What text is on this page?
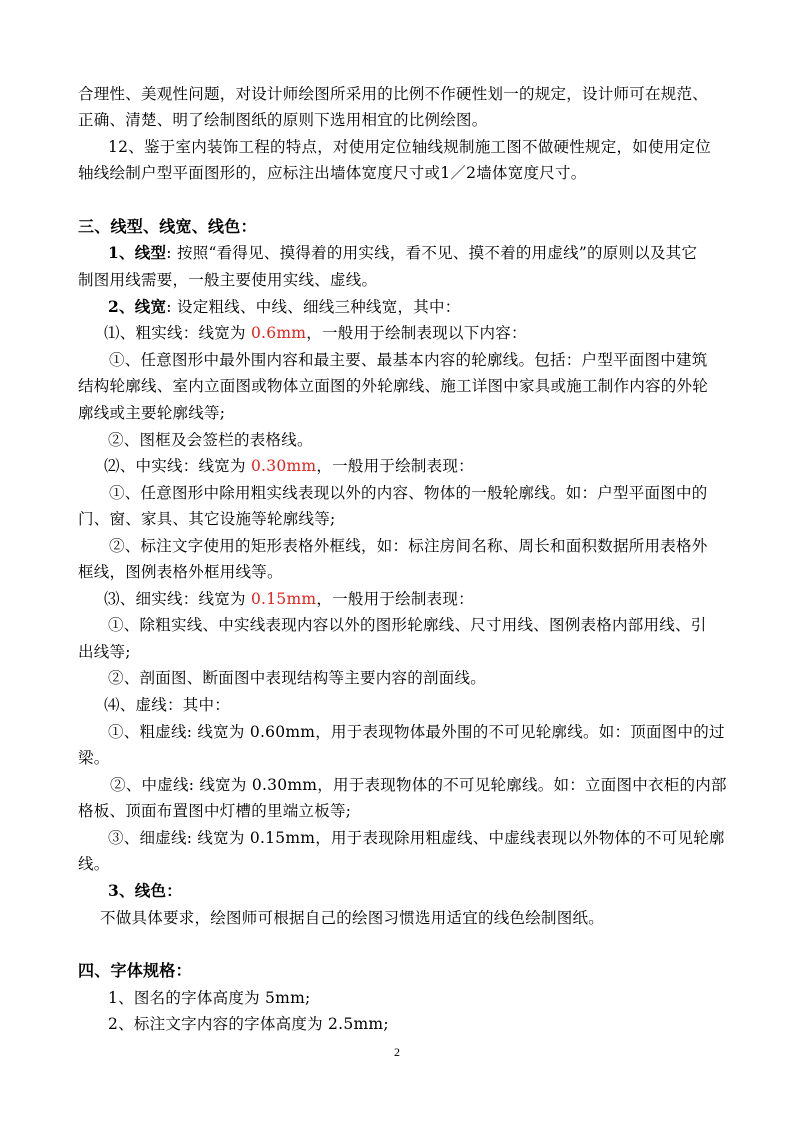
合理性、美观性问题，对设计师绘图所采用的比例不作硬性划一的规定，设计师可在规范、
正确、清楚、明了绘制图纸的原则下选用相宜的比例绘图。
12、鉴于室内装饰工程的特点，对使用定位轴线规制施工图不做硬性规定，如使用定位
轴线绘制户型平面图形的，应标注出墙体宽度尺寸或1／2墙体宽度尺寸。
三、线型、线宽、线色：
1、线型: 按照“看得见、摸得着的用实线，看不见、摸不着的用虚线”的原则以及其它
制图用线需要，一般主要使用实线、虚线。
2、线宽: 设定粗线、中线、细线三种线宽，其中：
⑴、粗实线：线宽为 0.6mm，一般用于绘制表现以下内容：
①、任意图形中最外围内容和最主要、最基本内容的轮廓线。包括：户型平面图中建筑
结构轮廓线、室内立面图或物体立面图的外轮廓线、施工详图中家具或施工制作内容的外轮
廓线或主要轮廓线等;
②、图框及会签栏的表格线。
⑵、中实线：线宽为 0.30mm，一般用于绘制表现：
①、任意图形中除用粗实线表现以外的内容、物体的一般轮廓线。如：户型平面图中的
门、窗、家具、其它设施等轮廓线等;
②、标注文字使用的矩形表格外框线，如：标注房间名称、周长和面积数据所用表格外
框线，图例表格外框用线等。
⑶、细实线：线宽为 0.15mm，一般用于绘制表现：
①、除粗实线、中实线表现内容以外的图形轮廓线、尺寸用线、图例表格内部用线、引
出线等;
②、剖面图、断面图中表现结构等主要内容的剖面线。
⑷、虚线：其中：
①、粗虚线: 线宽为 0.60mm，用于表现物体最外围的不可见轮廓线。如：顶面图中的过
梁。
②、中虚线: 线宽为 0.30mm，用于表现物体的不可见轮廓线。如：立面图中衣柜的内部
格板、顶面布置图中灯槽的里端立板等;
③、细虚线: 线宽为 0.15mm，用于表现除用粗虚线、中虚线表现以外物体的不可见轮廓
线。
3、线色：
不做具体要求，绘图师可根据自己的绘图习惯选用适宜的线色绘制图纸。
四、字体规格：
1、图名的字体高度为 5mm;
2、标注文字内容的字体高度为 2.5mm;
2
